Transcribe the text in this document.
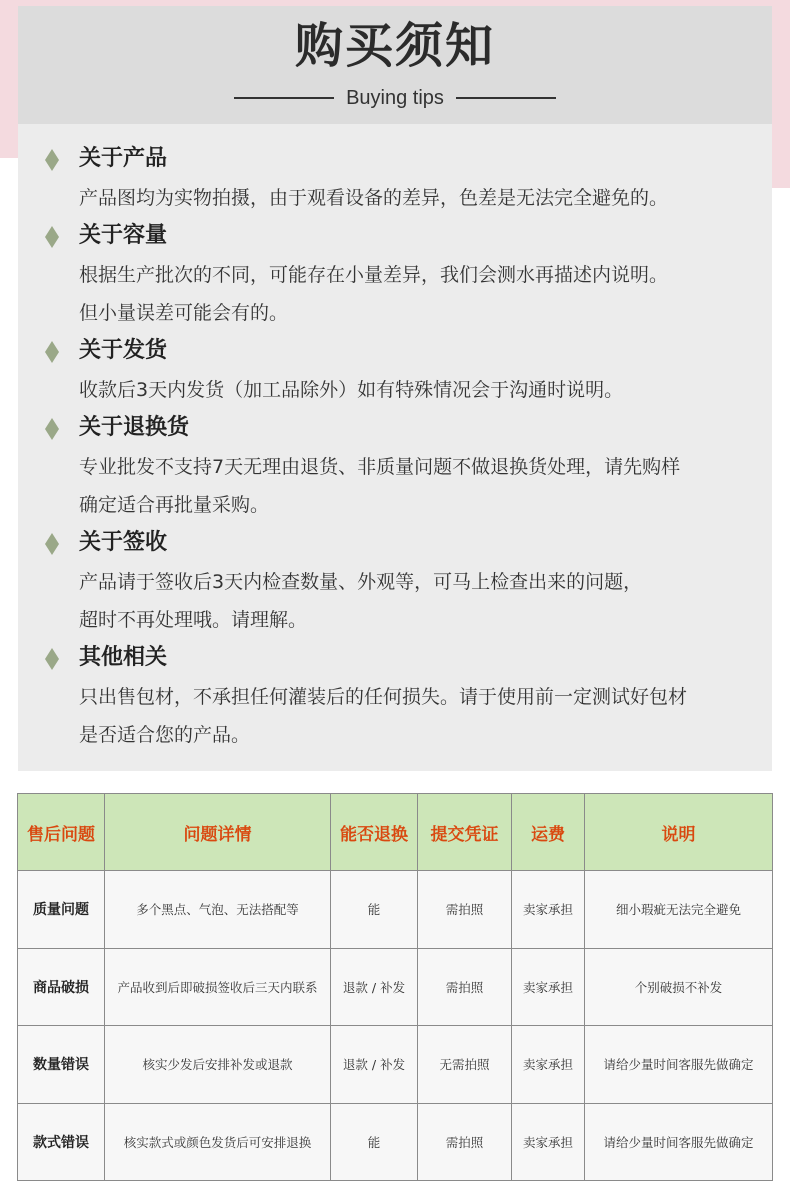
购买须知
Buying tips
关于产品
产品图均为实物拍摄，由于观看设备的差异，色差是无法完全避免的。
关于容量
根据生产批次的不同，可能存在小量差异，我们会测水再描述内说明。
但小量误差可能会有的。
关于发货
收款后3天内发货（加工品除外）如有特殊情况会于沟通时说明。
关于退换货
专业批发不支持7天无理由退货、非质量问题不做退换货处理，请先购样
确定适合再批量采购。
关于签收
产品请于签收后3天内检查数量、外观等，可马上检查出来的问题，
超时不再处理哦。请理解。
其他相关
只出售包材，不承担任何灌装后的任何损失。请于使用前一定测试好包材
是否适合您的产品。
售后问题	问题详情	能否退换	提交凭证	运费	说明
质量问题	多个黑点、气泡、无法搭配等	能	需拍照	卖家承担	细小瑕疵无法完全避免
商品破损	产品收到后即破损签收后三天内联系	退款 / 补发	需拍照	卖家承担	个别破损不补发
数量错误	核实少发后安排补发或退款	退款 / 补发	无需拍照	卖家承担	请给少量时间客服先做确定
款式错误	核实款式或颜色发货后可安排退换	能	需拍照	卖家承担	请给少量时间客服先做确定
